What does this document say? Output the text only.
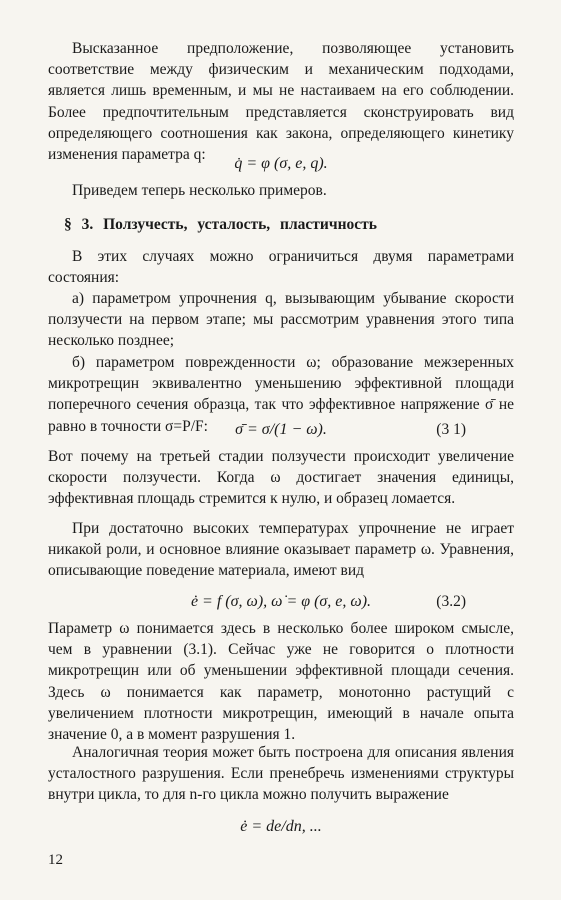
Высказанное предположение, позволяющее установить соответствие между физическим и механическим подходами, является лишь временным, и мы не настаиваем на его соблюдении. Более предпочтительным представляется сконструировать вид определяющего соотношения как закона, определяющего кинетику изменения параметра q:

q̇ = φ (σ, e, q).

Приведем теперь несколько примеров.

§ 3. Ползучесть, усталость, пластичность

В этих случаях можно ограничиться двумя параметрами состояния:

а) параметром упрочнения q, вызывающим убывание скорости ползучести на первом этапе; мы рассмотрим уравнения этого типа несколько позднее;

б) параметром поврежденности ω; образование межзеренных микротрещин эквивалентно уменьшению эффективной площади поперечного сечения образца, так что эффективное напряжение σ̄ не равно в точности σ=P/F:	σ̄ = σ/(1 − ω).	(3 1)

Вот почему на третьей стадии ползучести происходит увеличение скорости ползучести. Когда ω достигает значения единицы, эффективная площадь стремится к нулю, и образец ломается.

При достаточно высоких температурах упрочнение не играет никакой роли, и основное влияние оказывает параметр ω. Уравнения, описывающие поведение материала, имеют вид

ė = f (σ, ω), ω̇ = φ (σ, e, ω).	(3.2)

Параметр ω понимается здесь в несколько более широком смысле, чем в уравнении (3.1). Сейчас уже не говорится о плотности микротрещин или об уменьшении эффективной площади сечения. Здесь ω понимается как параметр, монотонно растущий с увеличением плотности микротрещин, имеющий в начале опыта значение 0, а в момент разрушения 1.

Аналогичная теория может быть построена для описания явления усталостного разрушения. Если пренебречь изменениями структуры внутри цикла, то для n-го цикла можно получить выражение

ė = de/dn, ...
12
